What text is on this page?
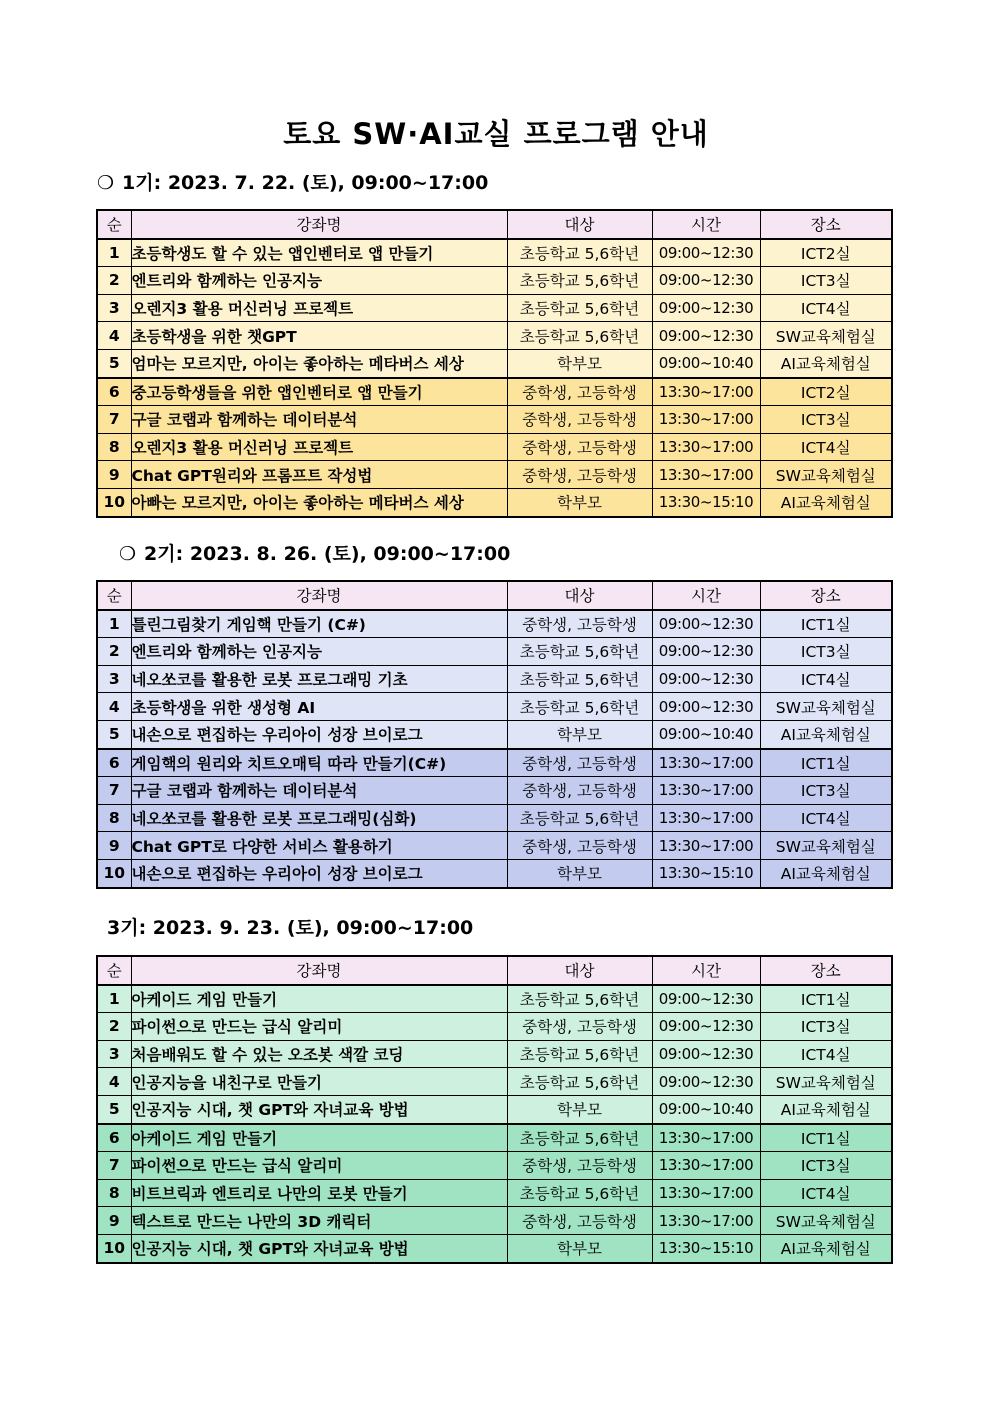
토요 SW·AI교실 프로그램 안내
❍ 1기: 2023. 7. 22. (토), 09:00~17:00
순	강좌명	대상	시간	장소
1	초등학생도 할 수 있는 앱인벤터로 앱 만들기	초등학교 5,6학년	09:00~12:30	ICT2실
2	엔트리와 함께하는 인공지능	초등학교 5,6학년	09:00~12:30	ICT3실
3	오렌지3 활용 머신러닝 프로젝트	초등학교 5,6학년	09:00~12:30	ICT4실
4	초등학생을 위한 챗GPT	초등학교 5,6학년	09:00~12:30	SW교육체험실
5	엄마는 모르지만, 아이는 좋아하는 메타버스 세상	학부모	09:00~10:40	AI교육체험실
6	중고등학생들을 위한 앱인벤터로 앱 만들기	중학생, 고등학생	13:30~17:00	ICT2실
7	구글 코랩과 함께하는 데이터분석	중학생, 고등학생	13:30~17:00	ICT3실
8	오렌지3 활용 머신러닝 프로젝트	중학생, 고등학생	13:30~17:00	ICT4실
9	Chat GPT원리와 프롬프트 작성법	중학생, 고등학생	13:30~17:00	SW교육체험실
10	아빠는 모르지만, 아이는 좋아하는 메타버스 세상	학부모	13:30~15:10	AI교육체험실
❍ 2기: 2023. 8. 26. (토), 09:00~17:00
순	강좌명	대상	시간	장소
1	틀린그림찾기 게임핵 만들기 (C#)	중학생, 고등학생	09:00~12:30	ICT1실
2	엔트리와 함께하는 인공지능	초등학교 5,6학년	09:00~12:30	ICT3실
3	네오쏘코를 활용한 로봇 프로그래밍 기초	초등학교 5,6학년	09:00~12:30	ICT4실
4	초등학생을 위한 생성형 AI	초등학교 5,6학년	09:00~12:30	SW교육체험실
5	내손으로 편집하는 우리아이 성장 브이로그	학부모	09:00~10:40	AI교육체험실
6	게임핵의 원리와 치트오매틱 따라 만들기(C#)	중학생, 고등학생	13:30~17:00	ICT1실
7	구글 코랩과 함께하는 데이터분석	중학생, 고등학생	13:30~17:00	ICT3실
8	네오쏘코를 활용한 로봇 프로그래밍(심화)	초등학교 5,6학년	13:30~17:00	ICT4실
9	Chat GPT로 다양한 서비스 활용하기	중학생, 고등학생	13:30~17:00	SW교육체험실
10	내손으로 편집하는 우리아이 성장 브이로그	학부모	13:30~15:10	AI교육체험실
3기: 2023. 9. 23. (토), 09:00~17:00
순	강좌명	대상	시간	장소
1	아케이드 게임 만들기	초등학교 5,6학년	09:00~12:30	ICT1실
2	파이썬으로 만드는 급식 알리미	중학생, 고등학생	09:00~12:30	ICT3실
3	처음배워도 할 수 있는 오조봇 색깔 코딩	초등학교 5,6학년	09:00~12:30	ICT4실
4	인공지능을 내친구로 만들기	초등학교 5,6학년	09:00~12:30	SW교육체험실
5	인공지능 시대, 챗 GPT와 자녀교육 방법	학부모	09:00~10:40	AI교육체험실
6	아케이드 게임 만들기	초등학교 5,6학년	13:30~17:00	ICT1실
7	파이썬으로 만드는 급식 알리미	중학생, 고등학생	13:30~17:00	ICT3실
8	비트브릭과 엔트리로 나만의 로봇 만들기	초등학교 5,6학년	13:30~17:00	ICT4실
9	텍스트로 만드는 나만의 3D 캐릭터	중학생, 고등학생	13:30~17:00	SW교육체험실
10	인공지능 시대, 챗 GPT와 자녀교육 방법	학부모	13:30~15:10	AI교육체험실
